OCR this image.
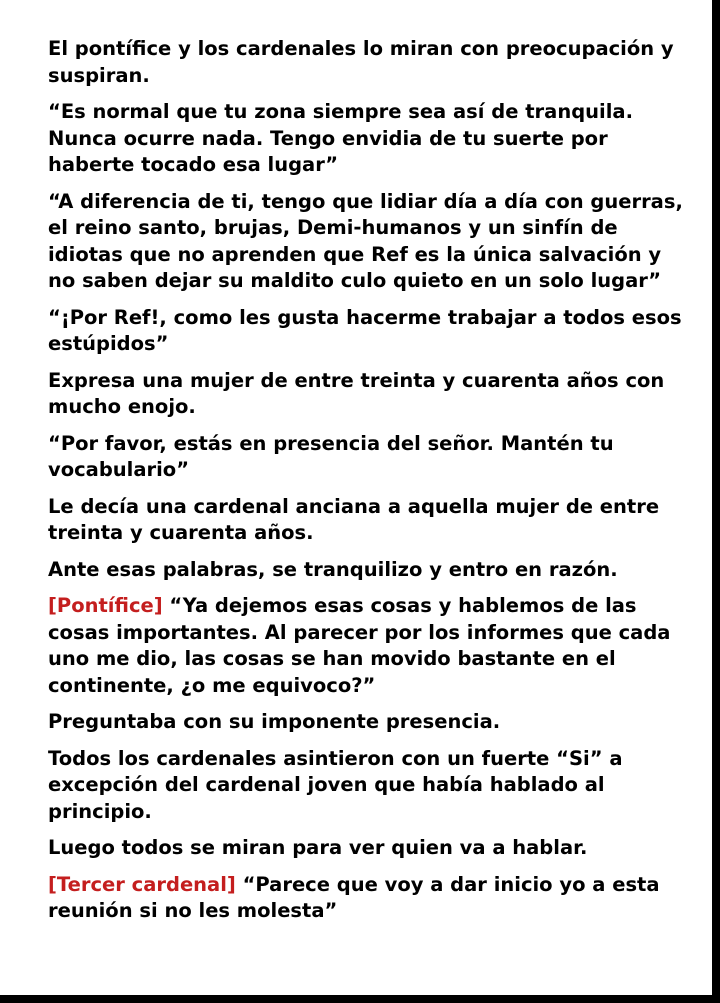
El pontífice y los cardenales lo miran con preocupación y suspiran.

“Es normal que tu zona siempre sea así de tranquila. Nunca ocurre nada. Tengo envidia de tu suerte por haberte tocado esa lugar”

“A diferencia de ti, tengo que lidiar día a día con guerras, el reino santo, brujas, Demi-humanos y un sinfín de idiotas que no aprenden que Ref es la única salvación y no saben dejar su maldito culo quieto en un solo lugar”

“¡Por Ref!, como les gusta hacerme trabajar a todos esos estúpidos”

Expresa una mujer de entre treinta y cuarenta años con mucho enojo.

“Por favor, estás en presencia del señor. Mantén tu vocabulario”

Le decía una cardenal anciana a aquella mujer de entre treinta y cuarenta años.

Ante esas palabras, se tranquilizo y entro en razón.

[Pontífice] “Ya dejemos esas cosas y hablemos de las cosas importantes. Al parecer por los informes que cada uno me dio, las cosas se han movido bastante en el continente, ¿o me equivoco?”

Preguntaba con su imponente presencia.

Todos los cardenales asintieron con un fuerte “Si” a excepción del cardenal joven que había hablado al principio.

Luego todos se miran para ver quien va a hablar.

[Tercer cardenal] “Parece que voy a dar inicio yo a esta reunión si no les molesta”
